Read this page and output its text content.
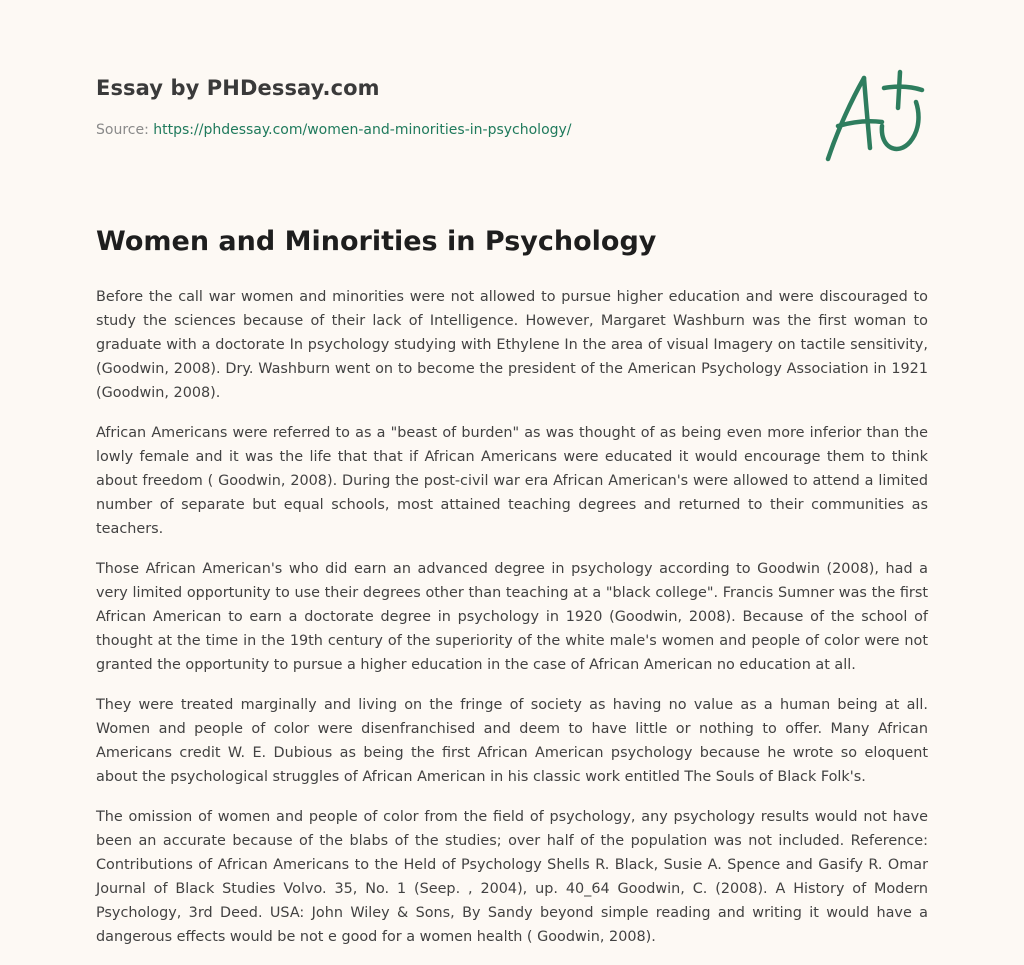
Essay by PHDessay.com
Source: https://phdessay.com/women-and-minorities-in-psychology/
Women and Minorities in Psychology

Before the call war women and minorities were not allowed to pursue higher education and were discouraged to study the sciences because of their lack of Intelligence. However, Margaret Washburn was the first woman to graduate with a doctorate In psychology studying with Ethylene In the area of visual Imagery on tactile sensitivity, (Goodwin, 2008). Dry. Washburn went on to become the president of the American Psychology Association in 1921 (Goodwin, 2008).

African Americans were referred to as a "beast of burden" as was thought of as being even more inferior than the lowly female and it was the life that that if African Americans were educated it would encourage them to think about freedom ( Goodwin, 2008). During the post-civil war era African American's were allowed to attend a limited number of separate but equal schools, most attained teaching degrees and returned to their communities as teachers.

Those African American's who did earn an advanced degree in psychology according to Goodwin (2008), had a very limited opportunity to use their degrees other than teaching at a "black college". Francis Sumner was the first African American to earn a doctorate degree in psychology in 1920 (Goodwin, 2008). Because of the school of thought at the time in the 19th century of the superiority of the white male's women and people of color were not granted the opportunity to pursue a higher education in the case of African American no education at all.

They were treated marginally and living on the fringe of society as having no value as a human being at all. Women and people of color were disenfranchised and deem to have little or nothing to offer. Many African Americans credit W. E. Dubious as being the first African American psychology because he wrote so eloquent about the psychological struggles of African American in his classic work entitled The Souls of Black Folk's.

The omission of women and people of color from the field of psychology, any psychology results would not have been an accurate because of the blabs of the studies; over half of the population was not included. Reference: Contributions of African Americans to the Held of Psychology Shells R. Black, Susie A. Spence and Gasify R. Omar Journal of Black Studies Volvo. 35, No. 1 (Seep. , 2004), up. 40_64 Goodwin, C. (2008). A History of Modern Psychology, 3rd Deed. USA: John Wiley & Sons, By Sandy beyond simple reading and writing it would have a dangerous effects would be not e good for a women health ( Goodwin, 2008).
